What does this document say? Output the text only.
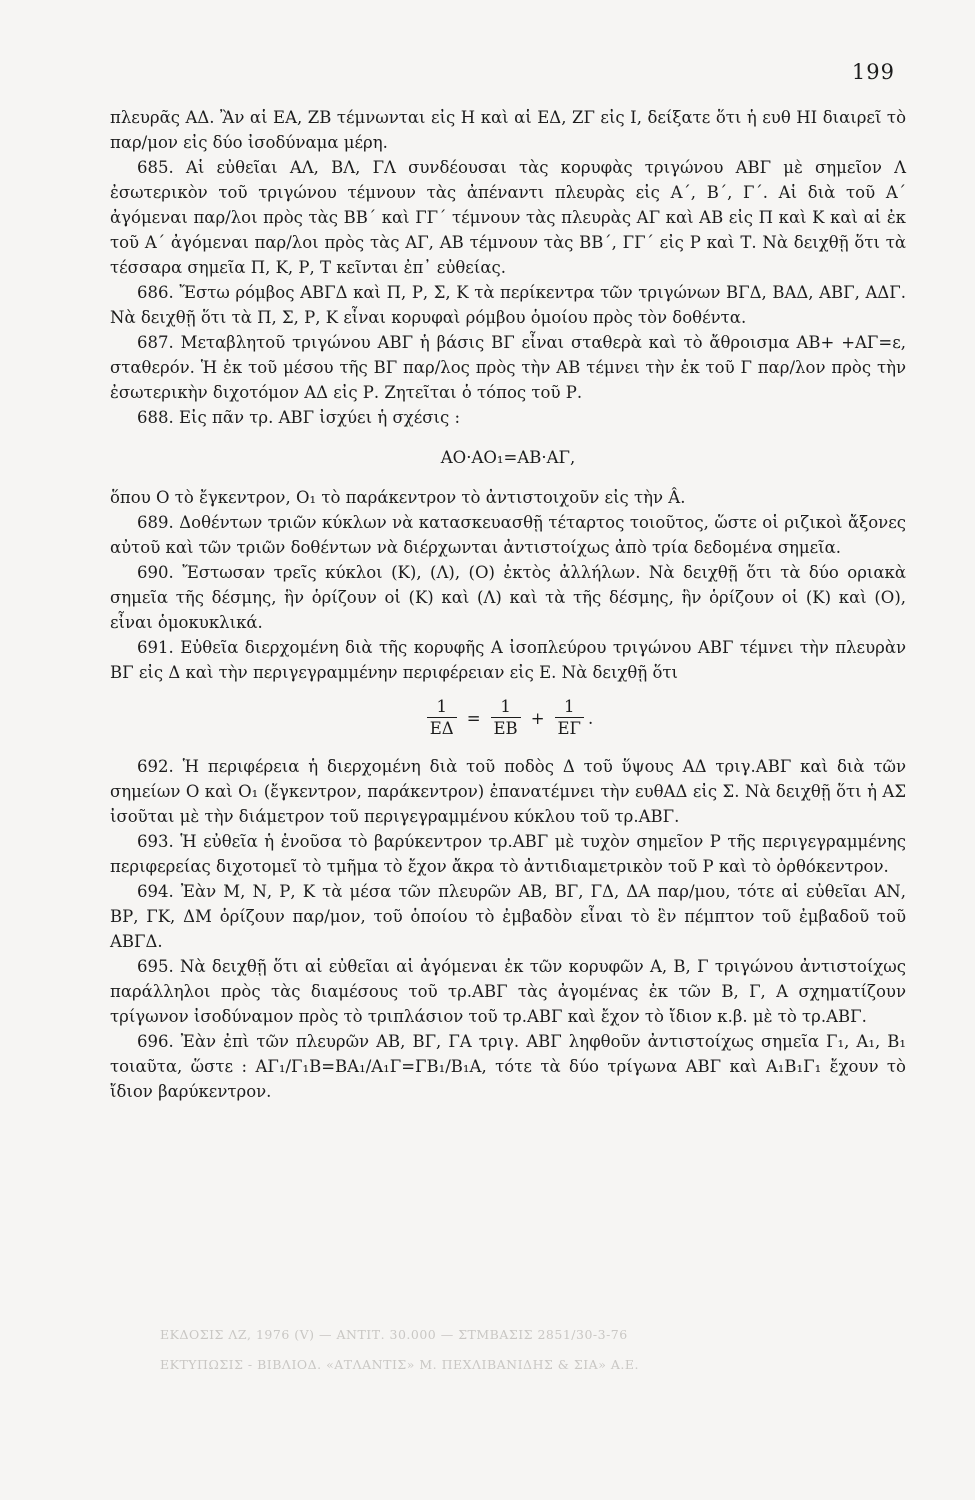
199

πλευρᾶς ΑΔ. Ἂν αἱ ΕΑ, ΖΒ τέμνωνται εἰς Η καὶ αἱ ΕΔ, ΖΓ εἰς Ι, δείξατε ὅτι ἡ ευθ ΗΙ διαιρεῖ τὸ παρ/μον εἰς δύο ἰσοδύναμα μέρη.

685. Αἱ εὐθεῖαι ΑΛ, ΒΛ, ΓΛ συνδέουσαι τὰς κορυφὰς τριγώνου ΑΒΓ μὲ σημεῖον Λ ἐσωτερικὸν τοῦ τριγώνου τέμνουν τὰς ἀπέναντι πλευρὰς εἰς Α΄, Β΄, Γ΄. Αἱ διὰ τοῦ Α΄ ἀγόμεναι παρ/λοι πρὸς τὰς ΒΒ΄ καὶ ΓΓ΄ τέμνουν τὰς πλευρὰς ΑΓ καὶ ΑΒ εἰς Π καὶ Κ καὶ αἱ ἐκ τοῦ Α΄ ἀγόμεναι παρ/λοι πρὸς τὰς ΑΓ, ΑΒ τέμνουν τὰς ΒΒ΄, ΓΓ΄ εἰς Ρ καὶ Τ. Νὰ δειχθῇ ὅτι τὰ τέσσαρα σημεῖα Π, Κ, Ρ, Τ κεῖνται ἐπ᾿ εὐθείας.

686. Ἔστω ρόμβος ΑΒΓΔ καὶ Π, Ρ, Σ, Κ τὰ περίκεντρα τῶν τριγώνων ΒΓΔ, ΒΑΔ, ΑΒΓ, ΑΔΓ. Νὰ δειχθῇ ὅτι τὰ Π, Σ, Ρ, Κ εἶναι κορυφαὶ ρόμβου ὁμοίου πρὸς τὸν δοθέντα.

687. Μεταβλητοῦ τριγώνου ΑΒΓ ἡ βάσις ΒΓ εἶναι σταθερὰ καὶ τὸ ἄθροισμα ΑΒ+ +ΑΓ=ε, σταθερόν. Ἡ ἐκ τοῦ μέσου τῆς ΒΓ παρ/λος πρὸς τὴν ΑΒ τέμνει τὴν ἐκ τοῦ Γ παρ/λον πρὸς τὴν ἐσωτερικὴν διχοτόμον ΑΔ εἰς Ρ. Ζητεῖται ὁ τόπος τοῦ Ρ.

688. Εἰς πᾶν τρ. ΑΒΓ ἰσχύει ἡ σχέσις :

ΑΟ·ΑΟ₁=ΑΒ·ΑΓ,

ὅπου Ο τὸ ἔγκεντρον, Ο₁ τὸ παράκεντρον τὸ ἀντιστοιχοῦν εἰς τὴν Â.

689. Δοθέντων τριῶν κύκλων νὰ κατασκευασθῇ τέταρτος τοιοῦτος, ὥστε οἱ ριζικοὶ ἄξονες αὐτοῦ καὶ τῶν τριῶν δοθέντων νὰ διέρχωνται ἀντιστοίχως ἀπὸ τρία δεδομένα σημεῖα.

690. Ἔστωσαν τρεῖς κύκλοι (Κ), (Λ), (Ο) ἐκτὸς ἀλλήλων. Νὰ δειχθῇ ὅτι τὰ δύο οριακὰ σημεῖα τῆς δέσμης, ἣν ὁρίζουν οἱ (Κ) καὶ (Λ) καὶ τὰ τῆς δέσμης, ἣν ὁρίζουν οἱ (Κ) καὶ (Ο), εἶναι ὁμοκυκλικά.

691. Εὐθεῖα διερχομένη διὰ τῆς κορυφῆς Α ἰσοπλεύρου τριγώνου ΑΒΓ τέμνει τὴν πλευρὰν ΒΓ εἰς Δ καὶ τὴν περιγεγραμμένην περιφέρειαν εἰς Ε. Νὰ δειχθῇ ὅτι

$\frac{1}{E\Delta} = \frac{1}{EB} + \frac{1}{E\Gamma}$ .

692. Ἡ περιφέρεια ἡ διερχομένη διὰ τοῦ ποδὸς Δ τοῦ ὕψους ΑΔ τριγ.ΑΒΓ καὶ διὰ τῶν σημείων Ο καὶ Ο₁ (ἔγκεντρον, παράκεντρον) ἐπανατέμνει τὴν ευθΑΔ εἰς Σ. Νὰ δειχθῇ ὅτι ἡ ΑΣ ἰσοῦται μὲ τὴν διάμετρον τοῦ περιγεγραμμένου κύκλου τοῦ τρ.ΑΒΓ.

693. Ἡ εὐθεῖα ἡ ἑνοῦσα τὸ βαρύκεντρον τρ.ΑΒΓ μὲ τυχὸν σημεῖον Ρ τῆς περιγεγραμμένης περιφερείας διχοτομεῖ τὸ τμῆμα τὸ ἔχον ἄκρα τὸ ἀντιδιαμετρικὸν τοῦ Ρ καὶ τὸ ὀρθόκεντρον.

694. Ἐὰν Μ, Ν, Ρ, Κ τὰ μέσα τῶν πλευρῶν ΑΒ, ΒΓ, ΓΔ, ΔΑ παρ/μου, τότε αἱ εὐθεῖαι ΑΝ, ΒΡ, ΓΚ, ΔΜ ὁρίζουν παρ/μον, τοῦ ὁποίου τὸ ἐμβαδὸν εἶναι τὸ ἓν πέμπτον τοῦ ἐμβαδοῦ τοῦ ΑΒΓΔ.

695. Νὰ δειχθῇ ὅτι αἱ εὐθεῖαι αἱ ἀγόμεναι ἐκ τῶν κορυφῶν Α, Β, Γ τριγώνου ἀντιστοίχως παράλληλοι πρὸς τὰς διαμέσους τοῦ τρ.ΑΒΓ τὰς ἀγομένας ἐκ τῶν Β, Γ, Α σχηματίζουν τρίγωνον ἰσοδύναμον πρὸς τὸ τριπλάσιον τοῦ τρ.ΑΒΓ καὶ ἔχον τὸ ἴδιον κ.β. μὲ τὸ τρ.ΑΒΓ.

696. Ἐὰν ἐπὶ τῶν πλευρῶν ΑΒ, ΒΓ, ΓΑ τριγ. ΑΒΓ ληφθοῦν ἀντιστοίχως σημεῖα Γ₁, Α₁, Β₁ τοιαῦτα, ὥστε : ΑΓ₁/Γ₁Β=ΒΑ₁/Α₁Γ=ΓΒ₁/Β₁Α, τότε τὰ δύο τρίγωνα ΑΒΓ καὶ Α₁Β₁Γ₁ ἔχουν τὸ ἴδιον βαρύκεντρον.

ΕΚΔΟΣΙΣ ΛΖ, 1976 (V) — ΑΝΤΙΤ. 30.000 — ΣΤΜΒΑΣΙΣ 2851/30-3-76
ΕΚΤΥΠΩΣΙΣ - ΒΙΒΛΙΟΔ. «ΑΤΛΑΝΤΙΣ» Μ. ΠΕΧΛΙΒΑΝΙΔΗΣ & ΣΙΑ» Α.Ε.
